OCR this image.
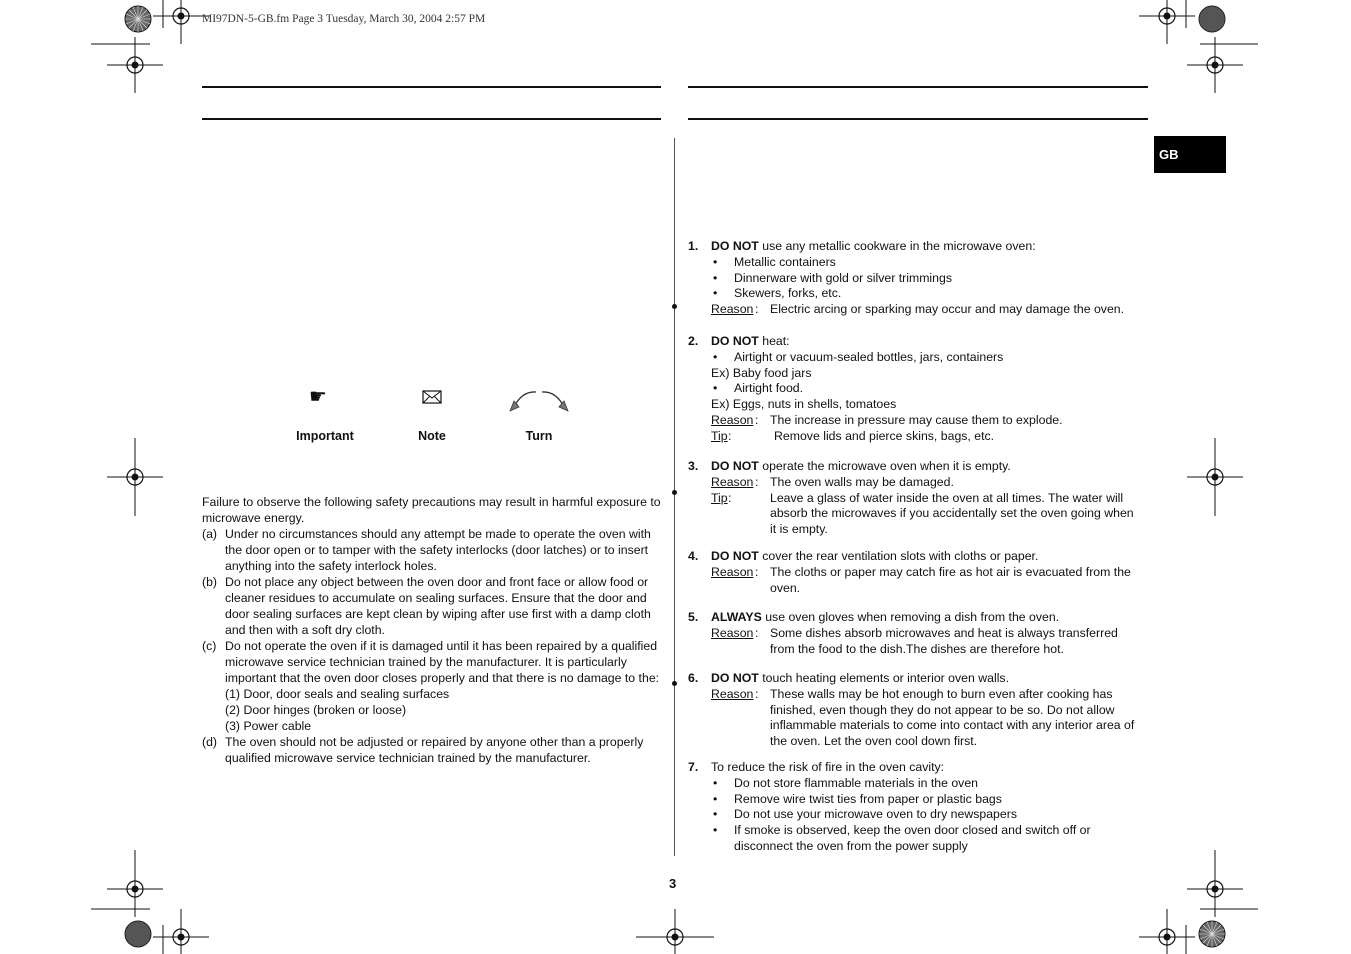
MI97DN-5-GB.fm Page 3 Tuesday, March 30, 2004 2:57 PM
GB
☛
Important	Note	Turn

Failure to observe the following safety precautions may result in harmful exposure to microwave energy.

(a) Under no circumstances should any attempt be made to operate the oven with the door open or to tamper with the safety interlocks (door latches) or to insert anything into the safety interlock holes.
(b) Do not place any object between the oven door and front face or allow food or cleaner residues to accumulate on sealing surfaces. Ensure that the door and door sealing surfaces are kept clean by wiping after use first with a damp cloth and then with a soft dry cloth.
(c) Do not operate the oven if it is damaged until it has been repaired by a qualified microwave service technician trained by the manufacturer. It is particularly important that the oven door closes properly and that there is no damage to the:
(1) Door, door seals and sealing surfaces
(2) Door hinges (broken or loose)
(3) Power cable
(d) The oven should not be adjusted or repaired by anyone other than a properly qualified microwave service technician trained by the manufacturer.
1. DO NOT use any metallic cookware in the microwave oven:
• Metallic containers
• Dinnerware with gold or silver trimmings
• Skewers, forks, etc.
Reason : Electric arcing or sparking may occur and may damage the oven.
2. DO NOT heat:
• Airtight or vacuum-sealed bottles, jars, containers
Ex) Baby food jars
• Airtight food.
Ex) Eggs, nuts in shells, tomatoes
Reason : The increase in pressure may cause them to explode.
Tip :	Remove lids and pierce skins, bags, etc.
3. DO NOT operate the microwave oven when it is empty.
Reason : The oven walls may be damaged.
Tip :	Leave a glass of water inside the oven at all times. The water will absorb the microwaves if you accidentally set the oven going when it is empty.
4. DO NOT cover the rear ventilation slots with cloths or paper.
Reason : The cloths or paper may catch fire as hot air is evacuated from the oven.
5. ALWAYS use oven gloves when removing a dish from the oven.
Reason : Some dishes absorb microwaves and heat is always transferred from the food to the dish.The dishes are therefore hot.
6. DO NOT touch heating elements or interior oven walls.
Reason : These walls may be hot enough to burn even after cooking has finished, even though they do not appear to be so. Do not allow inflammable materials to come into contact with any interior area of the oven. Let the oven cool down first.
7. To reduce the risk of fire in the oven cavity:
• Do not store flammable materials in the oven
• Remove wire twist ties from paper or plastic bags
• Do not use your microwave oven to dry newspapers
• If smoke is observed, keep the oven door closed and switch off or disconnect the oven from the power supply
3
